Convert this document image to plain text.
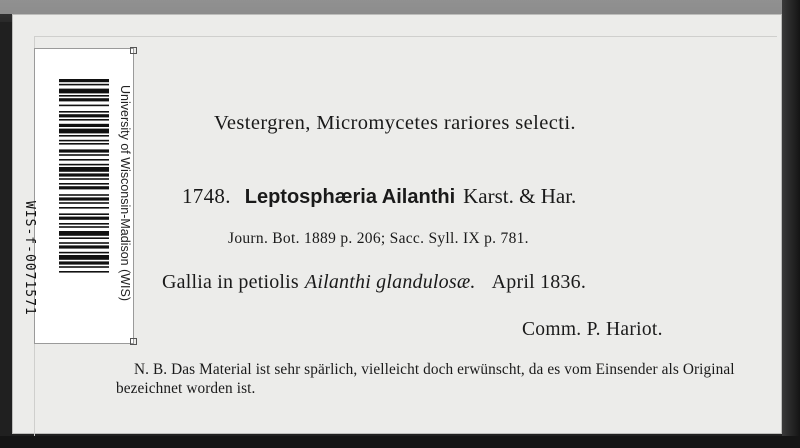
WIS-f-0071571	University of Wisconsin-Madison (WIS)	Vestergren, Micromycetes rariores selecti.
1748. Leptosphæria Ailanthi Karst. & Har.
Journ. Bot. 1889 p. 206; Sacc. Syll. IX p. 781.
Gallia in petiolis Ailanthi glandulosæ. April 1836.
Comm. P. Hariot.
N. B. Das Material ist sehr spärlich, vielleicht doch erwünscht, da es vom Einsender als Original bezeichnet worden ist.
